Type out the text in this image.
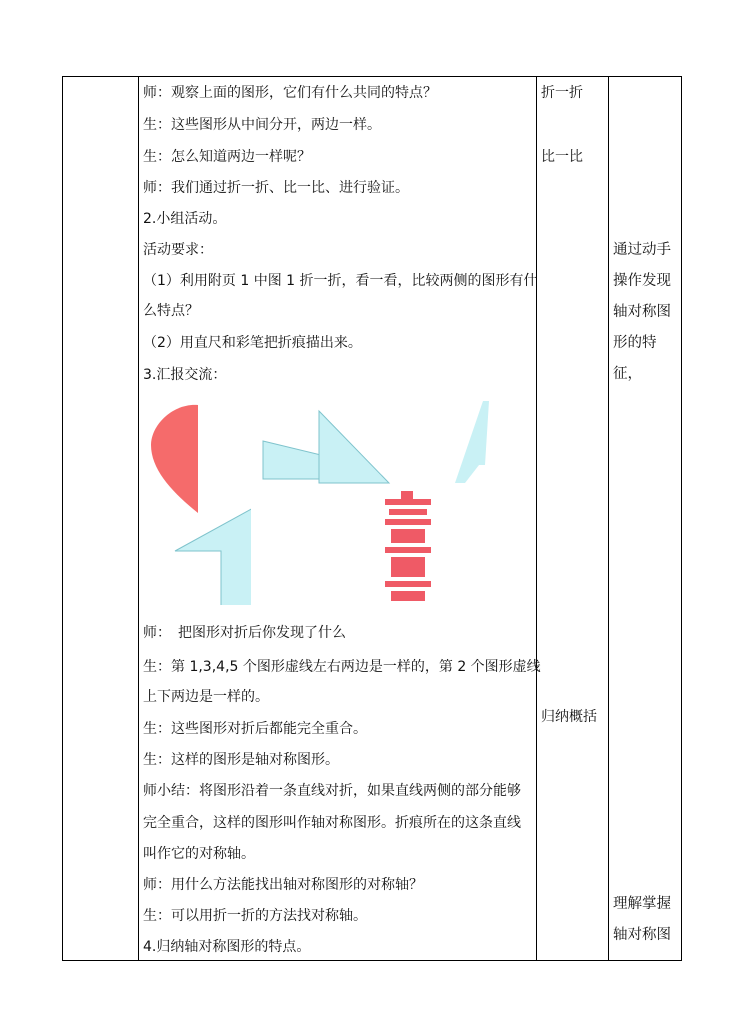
师：观察上面的图形，它们有什么共同的特点？
生：这些图形从中间分开，两边一样。
生：怎么知道两边一样呢？
师：我们通过折一折、比一比、进行验证。
2.小组活动。
活动要求：
（1）利用附页 1 中图 1 折一折，看一看，比较两侧的图形有什
么特点？
（2）用直尺和彩笔把折痕描出来。
3.汇报交流：
师：　把图形对折后你发现了什么
生：第 1,3,4,5 个图形虚线左右两边是一样的，第 2 个图形虚线
上下两边是一样的。
生：这些图形对折后都能完全重合。
生：这样的图形是轴对称图形。
师小结：将图形沿着一条直线对折，如果直线两侧的部分能够
完全重合，这样的图形叫作轴对称图形。折痕所在的这条直线
叫作它的对称轴。
师：用什么方法能找出轴对称图形的对称轴？
生：可以用折一折的方法找对称轴。
4.归纳轴对称图形的特点。
折一折
比一比
归纳概括
通过动手操作发现轴对称图形的特征，
理解掌握轴对称图
